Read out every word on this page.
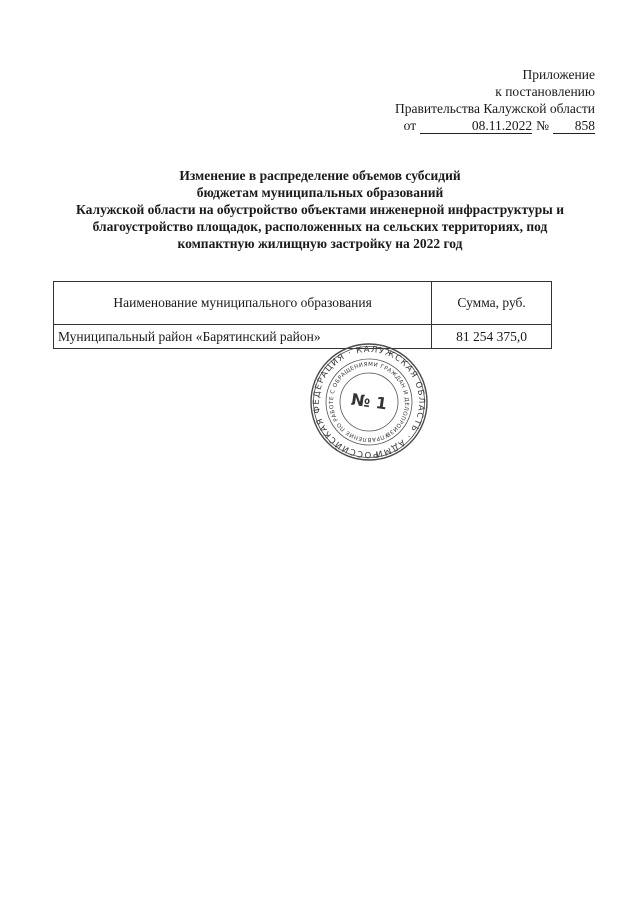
Приложение
к постановлению
Правительства Калужской области
от	08.11.2022 №	858
Изменение в распределение объемов субсидий
бюджетам муниципальных образований
Калужской области на обустройство объектами инженерной инфраструктуры и
благоустройство площадок, расположенных на сельских территориях, под
компактную жилищную застройку на 2022 год
Наименование муниципального образования	Сумма, руб.
Муниципальный район «Барятинский район»	81 254 375,0
РОССИЙСКАЯ ФЕДЕРАЦИЯ · КАЛУЖСКАЯ ОБЛАСТЬ · АДМИНИСТРАЦИЯ
УПРАВЛЕНИЕ ПО РАБОТЕ С ОБРАЩЕНИЯМИ ГРАЖДАН И ДЕЛОПРОИЗВОДСТВА
№ 1
